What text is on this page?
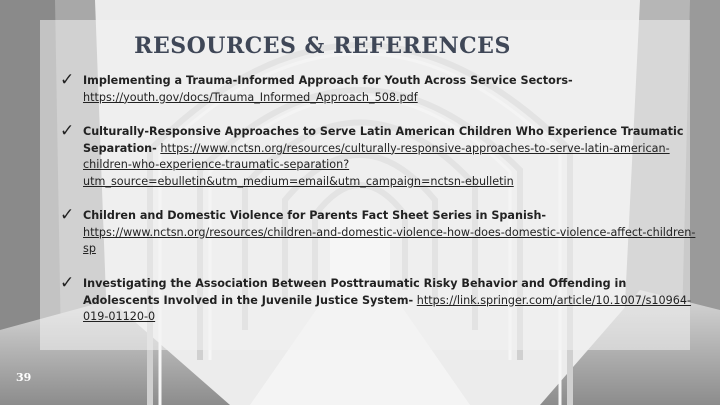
RESOURCES & REFERENCES
✓ Implementing a Trauma-Informed Approach for Youth Across Service Sectors-
https://youth.gov/docs/Trauma_Informed_Approach_508.pdf
✓ Culturally-Responsive Approaches to Serve Latin American Children Who Experience Traumatic Separation- https://www.nctsn.org/resources/culturally-responsive-approaches-to-serve-latin-american-children-who-experience-traumatic-separation?utm_source=ebulletin&utm_medium=email&utm_campaign=nctsn-ebulletin
✓ Children and Domestic Violence for Parents Fact Sheet Series in Spanish- https://www.nctsn.org/resources/children-and-domestic-violence-how-does-domestic-violence-affect-children-sp
✓ Investigating the Association Between Posttraumatic Risky Behavior and Offending in Adolescents Involved in the Juvenile Justice System- https://link.springer.com/article/10.1007/s10964-019-01120-0
39
